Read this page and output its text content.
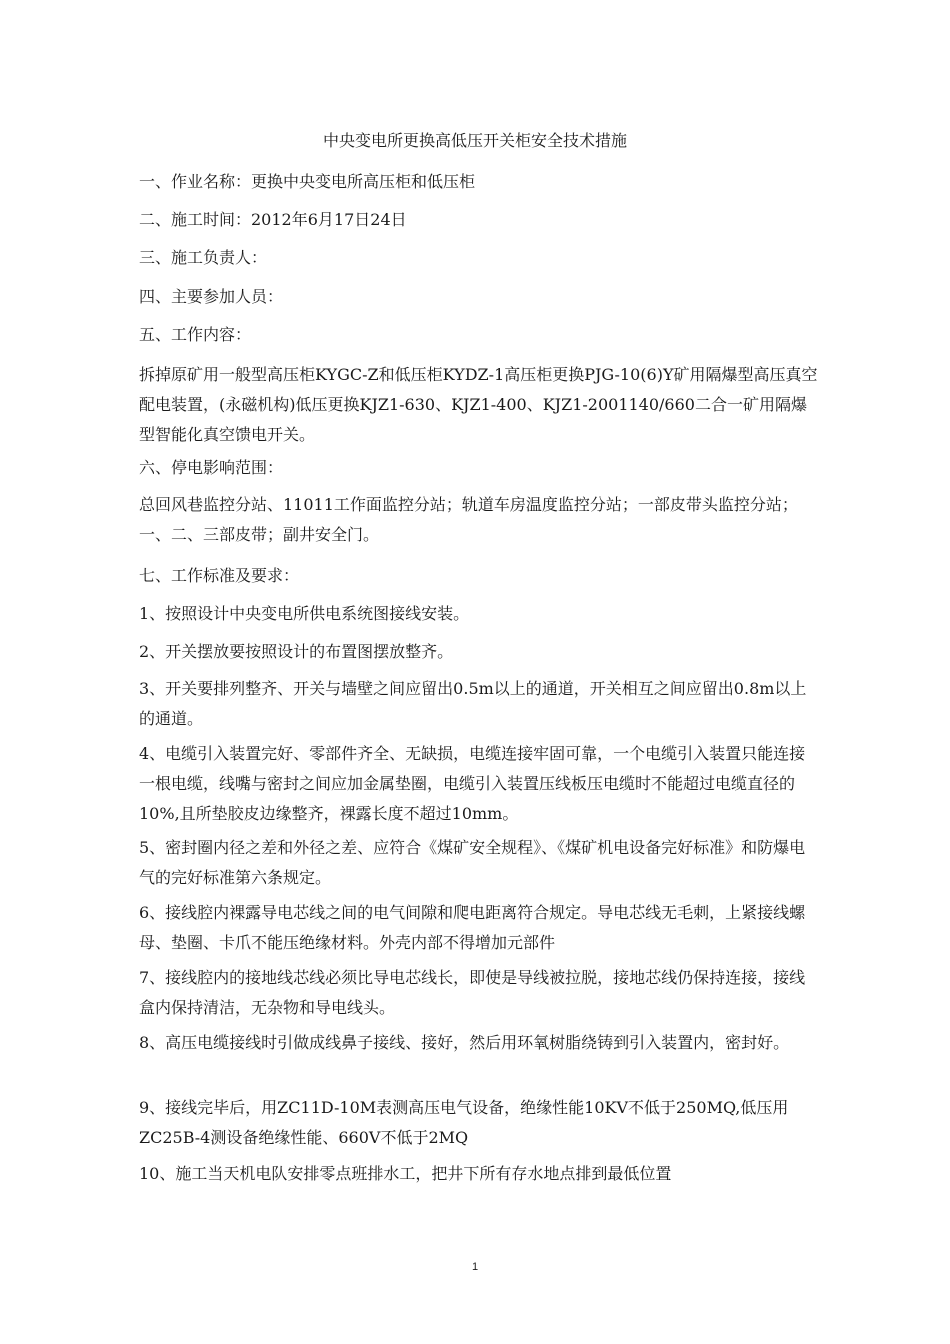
中央变电所更换高低压开关柜安全技术措施
一、作业名称：更换中央变电所高压柜和低压柜
二、施工时间：2012年6月17日24日
三、施工负责人：
四、主要参加人员：
五、工作内容：
拆掉原矿用一般型高压柜KYGC-Z和低压柜KYDZ-1高压柜更换PJG-10(6)Y矿用隔爆型高压真空配电装置，(永磁机构)低压更换KJZ1-630、KJZ1-400、KJZ1-2001140/660二合一矿用隔爆型智能化真空馈电开关。
六、停电影响范围：
总回风巷监控分站、11011工作面监控分站；轨道车房温度监控分站；一部皮带头监控分站；一、二、三部皮带；副井安全门。
七、工作标准及要求：
1、按照设计中央变电所供电系统图接线安装。
2、开关摆放要按照设计的布置图摆放整齐。
3、开关要排列整齐、开关与墙壁之间应留出0.5m以上的通道，开关相互之间应留出0.8m以上的通道。
4、电缆引入装置完好、零部件齐全、无缺损，电缆连接牢固可靠，一个电缆引入装置只能连接一根电缆，线嘴与密封之间应加金属垫圈，电缆引入装置压线板压电缆时不能超过电缆直径的10%,且所垫胶皮边缘整齐，裸露长度不超过10mm。
5、密封圈内径之差和外径之差、应符合《煤矿安全规程》、《煤矿机电设备完好标准》和防爆电气的完好标准第六条规定。
6、接线腔内裸露导电芯线之间的电气间隙和爬电距离符合规定。导电芯线无毛刺，上紧接线螺母、垫圈、卡爪不能压绝缘材料。外壳内部不得增加元部件
7、接线腔内的接地线芯线必须比导电芯线长，即使是导线被拉脱，接地芯线仍保持连接，接线盒内保持清洁，无杂物和导电线头。
8、高压电缆接线时引做成线鼻子接线、接好，然后用环氧树脂绕铸到引入装置内，密封好。
9、接线完毕后，用ZC11D-10M表测高压电气设备，绝缘性能10KV不低于250MQ,低压用ZC25B-4测设备绝缘性能、660V不低于2MQ
10、施工当天机电队安排零点班排水工，把井下所有存水地点排到最低位置
1
